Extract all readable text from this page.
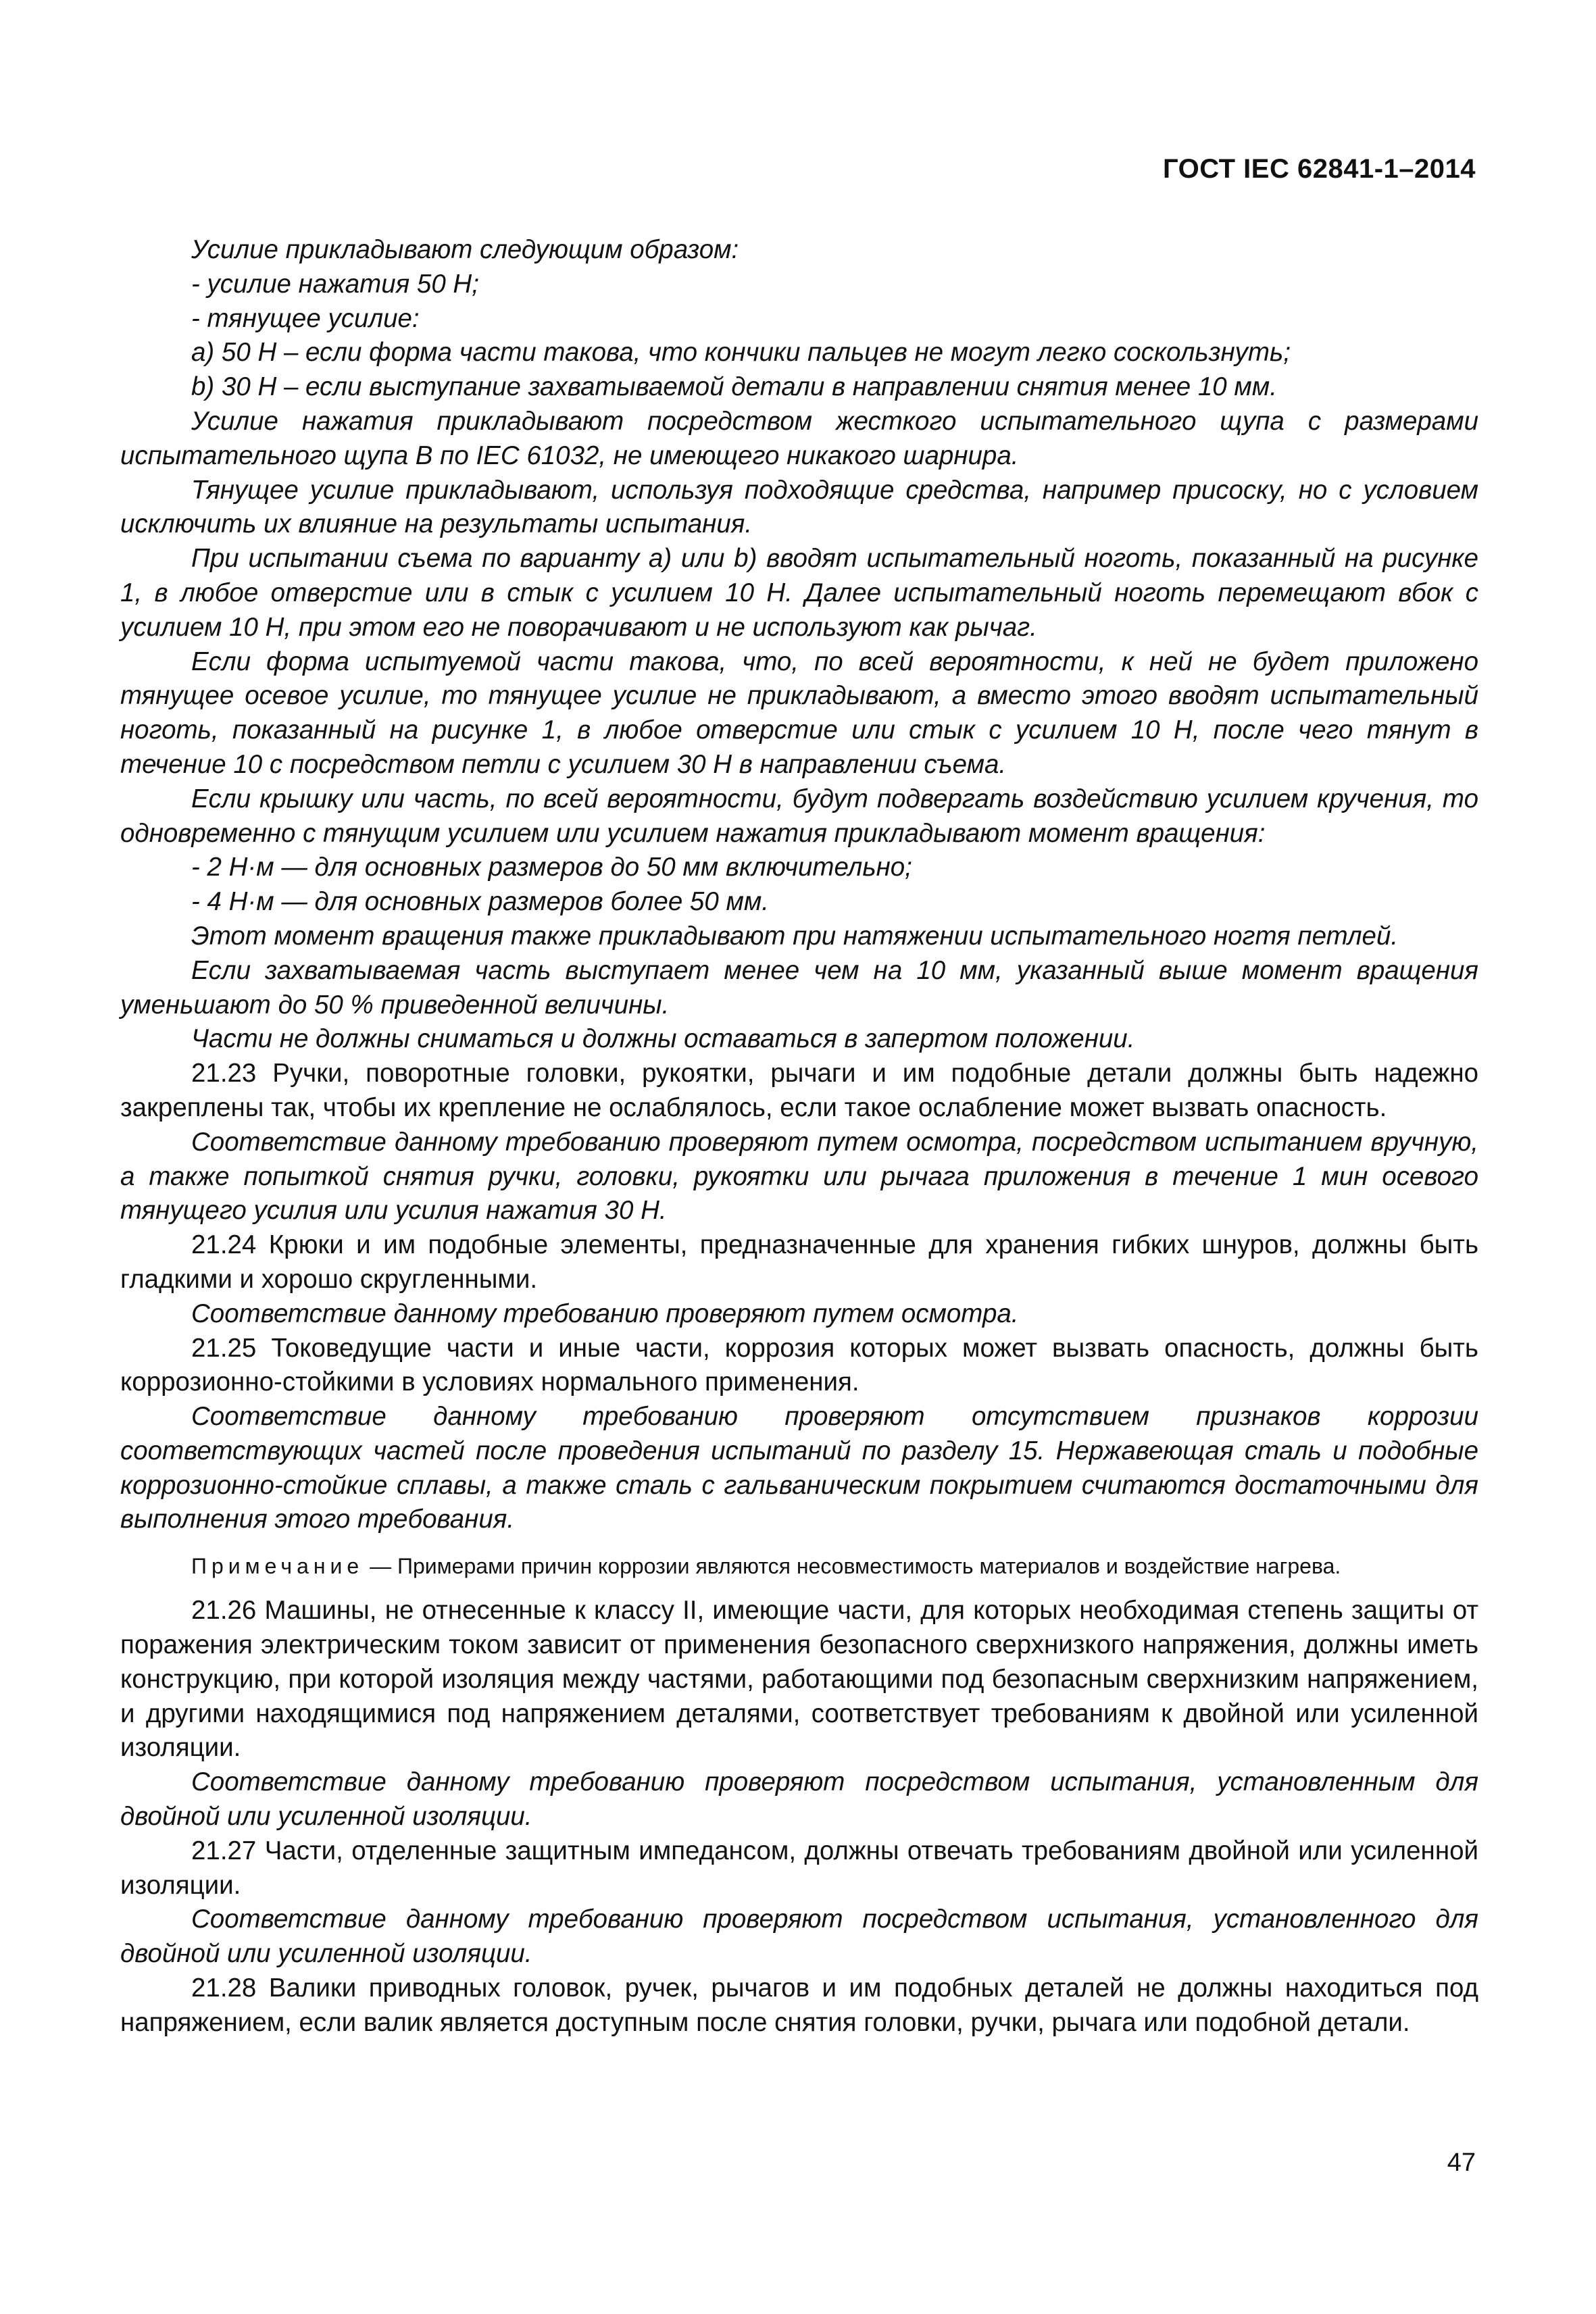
ГОСТ IEC 62841-1–2014

Усилие прикладывают следующим образом:

- усилие нажатия 50 Н;

- тянущее усилие:

a) 50 Н – если форма части такова, что кончики пальцев не могут легко соскользнуть;

b) 30 Н – если выступание захватываемой детали в направлении снятия менее 10 мм.

Усилие нажатия прикладывают посредством жесткого испытательного щупа с размерами испытательного щупа В по IEC 61032, не имеющего никакого шарнира.

Тянущее усилие прикладывают, используя подходящие средства, например присоску, но с условием исключить их влияние на результаты испытания.

При испытании съема по варианту а) или b) вводят испытательный ноготь, показанный на рисунке 1, в любое отверстие или в стык с усилием 10 Н. Далее испытательный ноготь перемещают вбок с усилием 10 Н, при этом его не поворачивают и не используют как рычаг.

Если форма испытуемой части такова, что, по всей вероятности, к ней не будет приложено тянущее осевое усилие, то тянущее усилие не прикладывают, а вместо этого вводят испытательный ноготь, показанный на рисунке 1, в любое отверстие или стык с усилием 10 Н, после чего тянут в течение 10 с посредством петли с усилием 30 Н в направлении съема.

Если крышку или часть, по всей вероятности, будут подвергать воздействию усилием кручения, то одновременно с тянущим усилием или усилием нажатия прикладывают момент вращения:

- 2 Н·м — для основных размеров до 50 мм включительно;

- 4 Н·м — для основных размеров более 50 мм.

Этот момент вращения также прикладывают при натяжении испытательного ногтя петлей.

Если захватываемая часть выступает менее чем на 10 мм, указанный выше момент вращения уменьшают до 50 % приведенной величины.

Части не должны сниматься и должны оставаться в запертом положении.

21.23 Ручки, поворотные головки, рукоятки, рычаги и им подобные детали должны быть надежно закреплены так, чтобы их крепление не ослаблялось, если такое ослабление может вызвать опасность.

Соответствие данному требованию проверяют путем осмотра, посредством испытанием вручную, а также попыткой снятия ручки, головки, рукоятки или рычага приложения в течение 1 мин осевого тянущего усилия или усилия нажатия 30 Н.

21.24 Крюки и им подобные элементы, предназначенные для хранения гибких шнуров, должны быть гладкими и хорошо скругленными.

Соответствие данному требованию проверяют путем осмотра.

21.25 Токоведущие части и иные части, коррозия которых может вызвать опасность, должны быть коррозионно-стойкими в условиях нормального применения.

Соответствие данному требованию проверяют отсутствием признаков коррозии соответствующих частей после проведения испытаний по разделу 15. Нержавеющая сталь и подобные коррозионно-стойкие сплавы, а также сталь с гальваническим покрытием считаются достаточными для выполнения этого требования.

Примечание — Примерами причин коррозии являются несовместимость материалов и воздействие нагрева.

21.26 Машины, не отнесенные к классу II, имеющие части, для которых необходимая степень защиты от поражения электрическим током зависит от применения безопасного сверхнизкого напряжения, должны иметь конструкцию, при которой изоляция между частями, работающими под безопасным сверхнизким напряжением, и другими находящимися под напряжением деталями, соответствует требованиям к двойной или усиленной изоляции.

Соответствие данному требованию проверяют посредством испытания, установленным для двойной или усиленной изоляции.

21.27 Части, отделенные защитным импедансом, должны отвечать требованиям двойной или усиленной изоляции.

Соответствие данному требованию проверяют посредством испытания, установленного для двойной или усиленной изоляции.

21.28 Валики приводных головок, ручек, рычагов и им подобных деталей не должны находиться под напряжением, если валик является доступным после снятия головки, ручки, рычага или подобной детали.

47
